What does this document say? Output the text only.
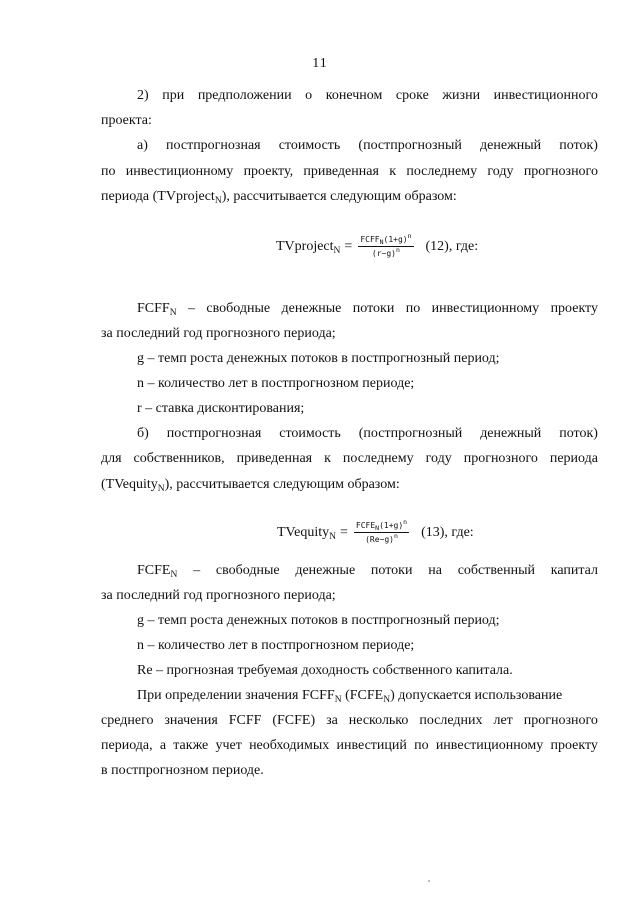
11
2) при предположении о конечном сроке жизни инвестиционного
проекта:
а) постпрогнозная стоимость (постпрогнозный денежный поток)
по инвестиционному проекту, приведенная к последнему году прогнозного
периода (TVproject$_N$), рассчитывается следующим образом:
TVproject$_N$ = $\frac{FCFF_N(1+g)^n}{(r-g)^n} (12)$, где:
$FCFF_N$ – свободные денежные потоки по инвестиционному проекту
за последний год прогнозного периода;
g – темп роста денежных потоков в постпрогнозный период;
n – количество лет в постпрогнозном периоде;
r – ставка дисконтирования;
б) постпрогнозная стоимость (постпрогнозный денежный поток)
для собственников, приведенная к последнему году прогнозного периода
(TVequity$_N$), рассчитывается следующим образом:
TVequity$_N$ = $\frac{FCFE_N(1+g)^n}{(Re-g)^n} (13)$, где:
$FCFE_N$ – свободные денежные потоки на собственный капитал
за последний год прогнозного периода;
g – темп роста денежных потоков в постпрогнозный период;
n – количество лет в постпрогнозном периоде;
Re – прогнозная требуемая доходность собственного капитала.
При определении значения $FCFF_N$ $(FCFE_N)$ допускается использование
среднего значения FCFF (FCFE) за несколько последних лет прогнозного
периода, а также учет необходимых инвестиций по инвестиционному проекту
в постпрогнозном периоде.
